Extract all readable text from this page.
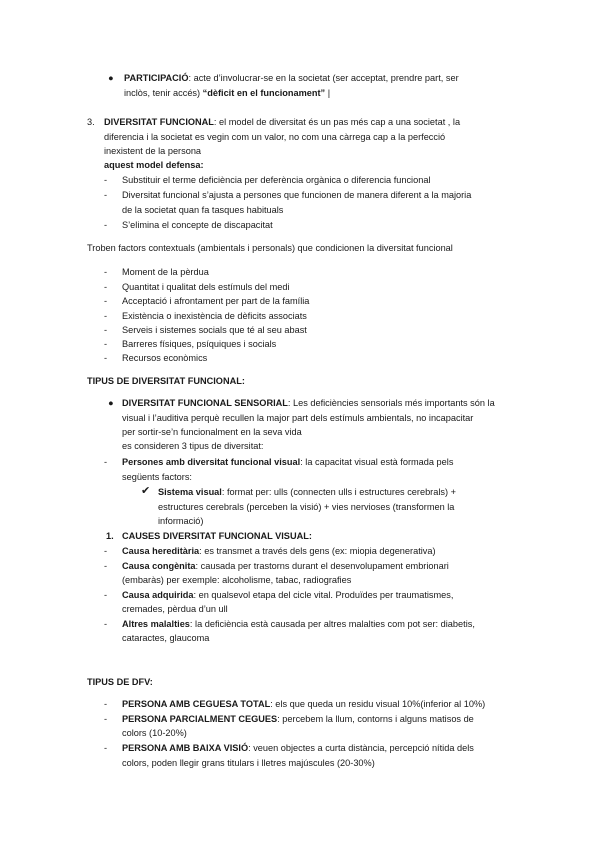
● PARTICIPACIÓ: acte d’involucrar-se en la societat (ser acceptat, prendre part, ser
inclòs, tenir accés) “dèficit en el funcionament” |
3. DIVERSITAT FUNCIONAL: el model de diversitat és un pas més cap a una societat , la
diferencia i la societat es vegin com un valor, no com una càrrega cap a la perfecció
inexistent de la persona
aquest model defensa:
- Substituir el terme deficiència per deferència orgànica o diferencia funcional
- Diversitat funcional s’ajusta a persones que funcionen de manera diferent a la majoria
de la societat quan fa tasques habituals
- S’elimina el concepte de discapacitat
Troben factors contextuals (ambientals i personals) que condicionen la diversitat funcional
- Moment de la pèrdua
- Quantitat i qualitat dels estímuls del medi
- Acceptació i afrontament per part de la família
- Existència o inexistència de dèficits associats
- Serveis i sistemes socials que té al seu abast
- Barreres físiques, psíquiques i socials
- Recursos econòmics
TIPUS DE DIVERSITAT FUNCIONAL:
● DIVERSITAT FUNCIONAL SENSORIAL: Les deficiències sensorials més importants són la
visual i l’auditiva perquè recullen la major part dels estímuls ambientals, no incapacitar
per sortir-se’n funcionalment en la seva vida
es consideren 3 tipus de diversitat:
- Persones amb diversitat funcional visual: la capacitat visual està formada pels
següents factors:
✔ Sistema visual: format per: ulls (connecten ulls i estructures cerebrals) +
estructures cerebrals (perceben la visió) + vies nervioses (transformen la
informació)
1. CAUSES DIVERSITAT FUNCIONAL VISUAL:
- Causa hereditària: es transmet a través dels gens (ex: miopia degenerativa)
- Causa congènita: causada per trastorns durant el desenvolupament embrionari
(embaràs) per exemple: alcoholisme, tabac, radiografies
- Causa adquirida: en qualsevol etapa del cicle vital. Produïdes per traumatismes,
cremades, pèrdua d’un ull
- Altres malalties: la deficiència està causada per altres malalties com pot ser: diabetis,
cataractes, glaucoma
TIPUS DE DFV:
- PERSONA AMB CEGUESA TOTAL: els que queda un residu visual 10%(inferior al 10%)
- PERSONA PARCIALMENT CEGUES: percebem la llum, contorns i alguns matisos de
colors (10-20%)
- PERSONA AMB BAIXA VISIÓ: veuen objectes a curta distància, percepció nítida dels
colors, poden llegir grans titulars i lletres majúscules (20-30%)
